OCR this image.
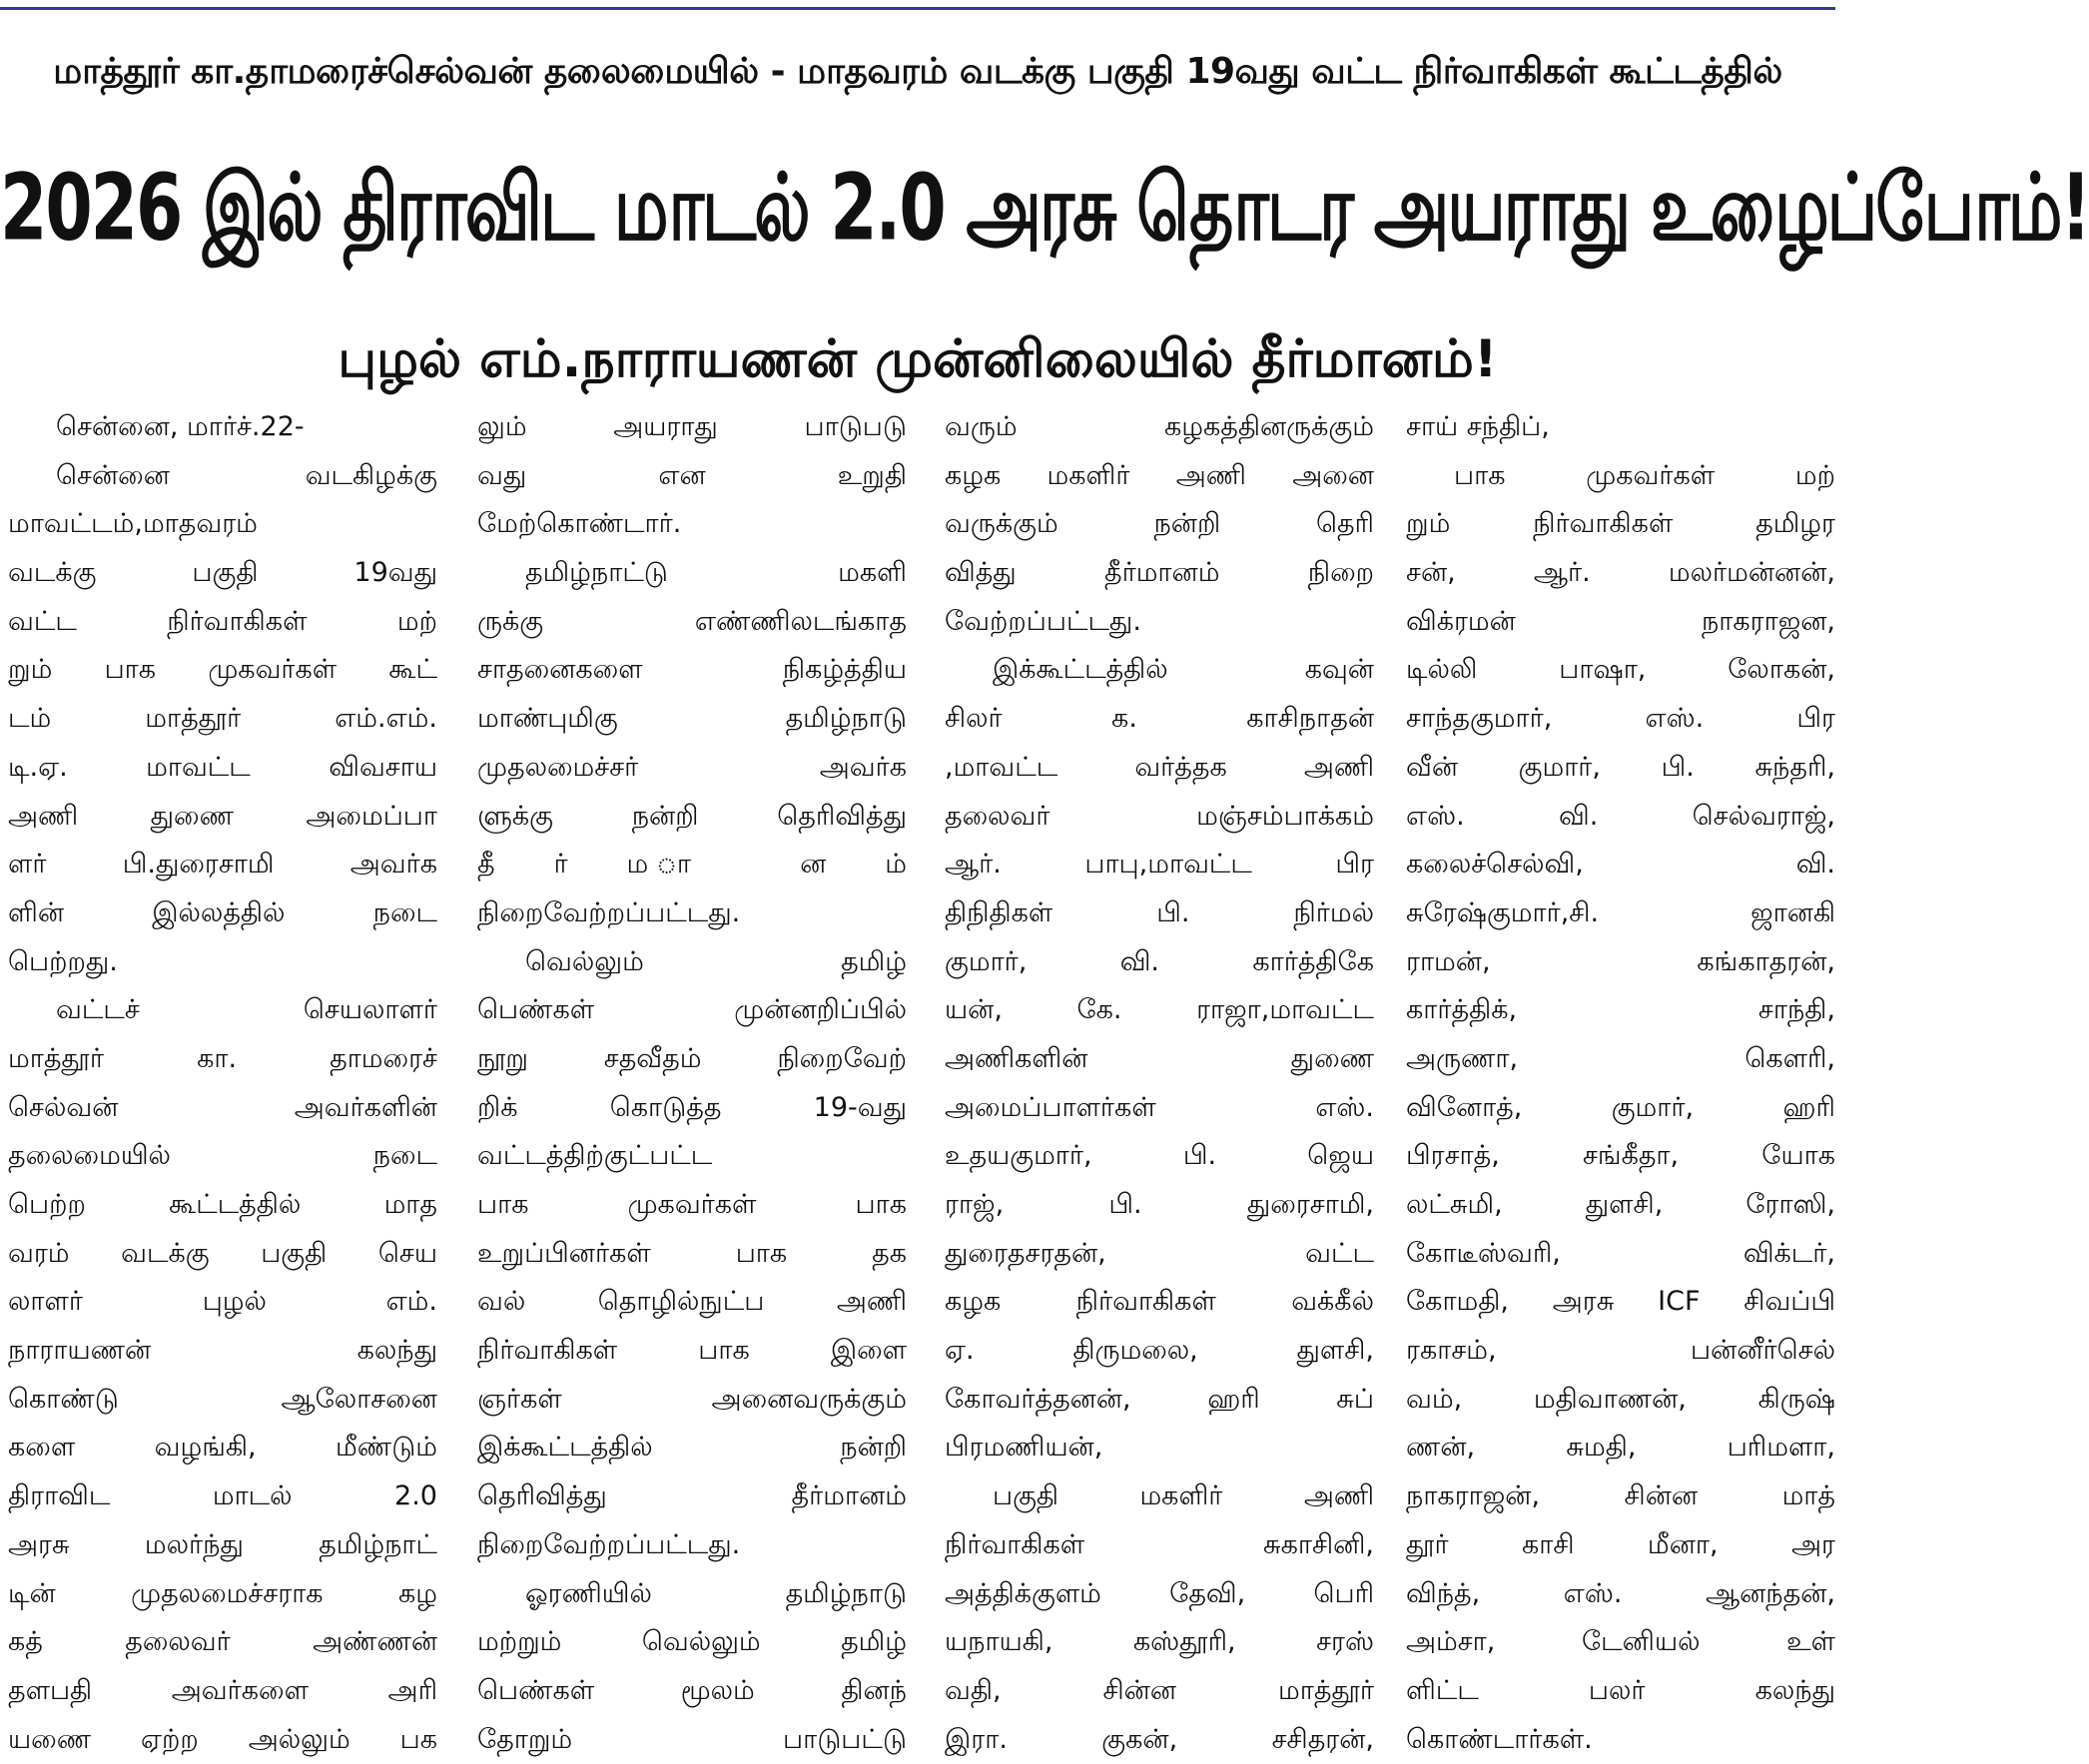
மாத்தூர் கா.தாமரைச்செல்வன் தலைமையில் - மாதவரம் வடக்கு பகுதி 19வது வட்ட நிர்வாகிகள் கூட்டத்தில்
2026 இல் திராவிட மாடல் 2.0 அரசு தொடர அயராது உழைப்போம்!
புழல் எம்.நாராயணன் முன்னிலையில் தீர்மானம்!
சென்னை, மார்ச்.22-
சென்னை வடகிழக்கு
மாவட்டம்,மாதவரம்
வடக்கு பகுதி 19வது
வட்ட நிர்வாகிகள் மற்
றும் பாக முகவர்கள் கூட்
டம் மாத்தூர் எம்.எம்.
டி.ஏ. மாவட்ட விவசாய
அணி துணை அமைப்பா
ளர் பி.துரைசாமி அவர்க
ளின் இல்லத்தில் நடை
பெற்றது.
வட்டச் செயலாளர்
மாத்தூர் கா. தாமரைச்
செல்வன் அவர்களின்
தலைமையில் நடை
பெற்ற கூட்டத்தில் மாத
வரம் வடக்கு பகுதி செய
லாளர் புழல் எம்.
நாராயணன் கலந்து
கொண்டு ஆலோசனை
களை வழங்கி, மீண்டும்
திராவிட மாடல் 2.0
அரசு மலர்ந்து தமிழ்நாட்
டின் முதலமைச்சராக கழ
கத் தலைவர் அண்ணன்
தளபதி அவர்களை அரி
யணை ஏற்ற அல்லும் பக
லும் அயராது பாடுபடு
வது என உறுதி
மேற்கொண்டார்.
தமிழ்நாட்டு மகளி
ருக்கு எண்ணிலடங்காத
சாதனைகளை நிகழ்த்திய
மாண்புமிகு தமிழ்நாடு
முதலமைச்சர் அவர்க
ளுக்கு நன்றி தெரிவித்து
தீ ர் ம ா ன ம்
நிறைவேற்றப்பட்டது.
வெல்லும் தமிழ்
பெண்கள் முன்னறிப்பில்
நூறு சதவீதம் நிறைவேற்
றிக் கொடுத்த 19-வது
வட்டத்திற்குட்பட்ட
பாக முகவர்கள் பாக
உறுப்பினர்கள் பாக தக
வல் தொழில்நுட்ப அணி
நிர்வாகிகள் பாக இளை
ஞர்கள் அனைவருக்கும்
இக்கூட்டத்தில் நன்றி
தெரிவித்து தீர்மானம்
நிறைவேற்றப்பட்டது.
ஓரணியில் தமிழ்நாடு
மற்றும் வெல்லும் தமிழ்
பெண்கள் மூலம் தினந்
தோறும் பாடுபட்டு
வரும் கழகத்தினருக்கும்
கழக மகளிர் அணி அனை
வருக்கும் நன்றி தெரி
வித்து தீர்மானம் நிறை
வேற்றப்பட்டது.
இக்கூட்டத்தில் கவுன்
சிலர் க. காசிநாதன்
,மாவட்ட வர்த்தக அணி
தலைவர் மஞ்சம்பாக்கம்
ஆர். பாபு,மாவட்ட பிர
திநிதிகள் பி. நிர்மல்
குமார், வி. கார்த்திகே
யன், கே. ராஜா,மாவட்ட
அணிகளின் துணை
அமைப்பாளர்கள் எஸ்.
உதயகுமார், பி. ஜெய
ராஜ், பி. துரைசாமி,
துரைதசரதன், வட்ட
கழக நிர்வாகிகள் வக்கீல்
ஏ. திருமலை, துளசி,
கோவர்த்தனன், ஹரி சுப்
பிரமணியன்,
பகுதி மகளிர் அணி
நிர்வாகிகள் சுகாசினி,
அத்திக்குளம் தேவி, பெரி
யநாயகி, கஸ்தூரி, சரஸ்
வதி, சின்ன மாத்தூர்
இரா. குகன், சசிதரன்,
சாய் சந்திப்,
பாக முகவர்கள் மற்
றும் நிர்வாகிகள் தமிழர
சன், ஆர். மலர்மன்னன்,
விக்ரமன் நாகராஜன,
டில்லி பாஷா, லோகன்,
சாந்தகுமார், எஸ். பிர
வீன் குமார், பி. சுந்தரி,
எஸ். வி. செல்வராஜ்,
கலைச்செல்வி, வி.
சுரேஷ்குமார்,சி. ஜானகி
ராமன், கங்காதரன்,
கார்த்திக், சாந்தி,
அருணா, கெளரி,
வினோத், குமார், ஹரி
பிரசாத், சங்கீதா, யோக
லட்சுமி, துளசி, ரோஸி,
கோடீஸ்வரி, விக்டர்,
கோமதி, அரசு ICF சிவப்பி
ரகாசம், பன்னீர்செல்
வம், மதிவாணன், கிருஷ்
ணன், சுமதி, பரிமளா,
நாகராஜன், சின்ன மாத்
தூர் காசி மீனா, அர
விந்த், எஸ். ஆனந்தன்,
அம்சா, டேனியல் உள்
ளிட்ட பலர் கலந்து
கொண்டார்கள்.
